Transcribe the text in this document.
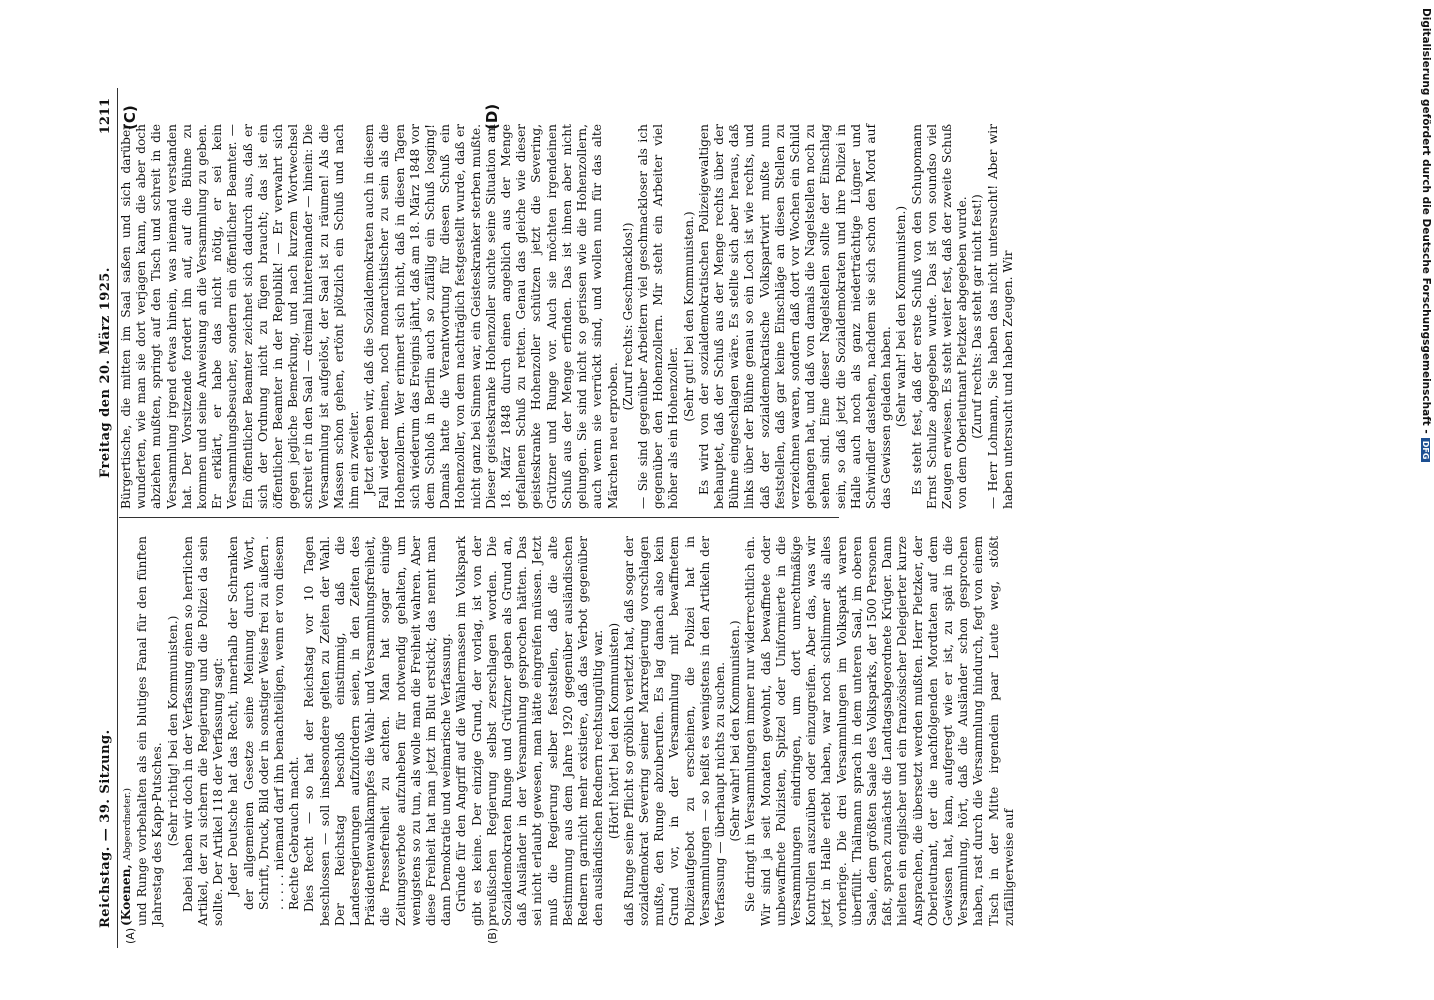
Reichstag. — 39. Sitzung.
Freitag den 20. März 1925.
1211
(A)	(B)
(C)	(D)

(Koenen, Abgeordneter.) und Runge vorbehalten als ein blutiges Fanal für den fünften Jahrestag des Kapp-Putsches. (Sehr richtig! bei den Kommunisten.) Dabei haben wir doch in der Verfassung einen so herrlichen Artikel, der zu sichern die Regierung und die Polizei da sein sollte. Der Artikel 118 der Verfassung sagt: Jeder Deutsche hat das Recht, innerhalb der Schranken der allgemeinen Gesetze seine Meinung durch Wort, Schrift, Druck, Bild oder in sonstiger Weise frei zu äußern . . . . . . niemand darf ihn benachteiligen, wenn er von diesem Rechte Gebrauch macht. Dies Recht — so hat der Reichstag vor 10 Tagen beschlossen — soll insbesondere gelten zu Zeiten der Wahl. Der Reichstag beschloß einstimmig, daß die Landesregierungen aufzufordern seien, in den Zeiten des Präsidentenwahlkampfes die Wahl- und Versammlungsfreiheit, die Pressefreiheit zu achten. Man hat sogar einige Zeitungsverbote aufzuheben für notwendig gehalten, um wenigstens so zu tun, als wolle man die Freiheit wahren. Aber diese Freiheit hat man jetzt im Blut erstickt; das nennt man dann Demokratie und weimarische Verfassung. Gründe für den Angriff auf die Wählermassen im Volkspark gibt es keine. Der einzige Grund, der vorlag, ist von der preußischen Regierung selbst zerschlagen worden. Die Sozialdemokraten Runge und Grützner gaben als Grund an, daß Ausländer in der Versammlung gesprochen hätten. Das sei nicht erlaubt gewesen, man hätte eingreifen müssen. Jetzt muß die Regierung selber feststellen, daß die alte Bestimmung aus dem Jahre 1920 gegenüber ausländischen Rednern garnicht mehr existiere, daß das Verbot gegenüber den ausländischen Rednern rechtsungültig war. (Hört! hört! bei den Kommunisten) daß Runge seine Pflicht so gröblich verletzt hat, daß sogar der sozialdemokrat Severing seiner Marxregierung vorschlagen mußte, den Runge abzuberufen. Es lag danach also kein Grund vor, in der Versammlung mit bewaffnetem Polizeiaufgebot zu erscheinen, die Polizei hat in Versammlungen — so heißt es wenigstens in den Artikeln der Verfassung — überhaupt nichts zu suchen. (Sehr wahr! bei den Kommunisten.) Sie dringt in Versammlungen immer nur widerrechtlich ein. Wir sind ja seit Monaten gewohnt, daß bewaffnete oder unbewaffnete Polizisten, Spitzel oder Uniformierte in die Versammlungen eindringen, um dort unrechtmäßige Kontrollen auszuüben oder einzugreifen. Aber das, was wir jetzt in Halle erlebt haben, war noch schlimmer als alles vorherige. Die drei Versammlungen im Volkspark waren überfüllt. Thälmann sprach in dem unteren Saal, im oberen Saale, dem größten Saale des Volksparks, der 1500 Personen faßt, sprach zunächst die Landtagsabgeordnete Krüger. Dann hielten ein englischer und ein französischer Delegierter kurze Ansprachen, die übersetzt werden mußten. Herr Pietzker, der Oberleutnant, der die nachfolgenden Mordtaten auf dem Gewissen hat, kam, aufgeregt wie er ist, zu spät in die Versammlung, hört, daß die Ausländer schon gesprochen haben, rast durch die Versammlung hindurch, fegt von einem Tisch in der Mitte irgendein paar Leute weg, stößt zufälligerweise auf

Bürgertische, die mitten im Saal saßen und sich darüber wunderten, wie man sie dort verjagen kann, die aber doch abziehen mußten, springt auf den Tisch und schreit in die Versammlung irgend etwas hinein, was niemand verstanden hat. Der Vorsitzende fordert ihn auf, auf die Bühne zu kommen und seine Anweisung an die Versammlung zu geben. Er erklärt, er habe das nicht nötig, er sei kein Versammlungsbesucher, sondern ein öffentlicher Beamter. — Ein öffentlicher Beamter zeichnet sich dadurch aus, daß er sich der Ordnung nicht zu fügen braucht; das ist ein öffentlicher Beamter in der Republik! — Er verwahrt sich gegen jegliche Bemerkung, und nach kurzem Wortwechsel schreit er in den Saal — dreimal hintereinander — hinein: Die Versammlung ist aufgelöst, der Saal ist zu räumen! Als die Massen schon gehen, ertönt plötzlich ein Schuß und nach ihm ein zweiter. Jetzt erleben wir, daß die Sozialdemokraten auch in diesem Fall wieder meinen, noch monarchistischer zu sein als die Hohenzollern. Wer erinnert sich nicht, daß in diesen Tagen sich wiederum das Ereignis jährt, daß am 18. März 1848 vor dem Schloß in Berlin auch so zufällig ein Schuß losging! Damals hatte die Verantwortung für diesen Schuß ein Hohenzoller, von dem nachträglich festgestellt wurde, daß er nicht ganz bei Sinnen war, ein Geisteskranker sterben mußte. Dieser geisteskranke Hohenzoller suchte seine Situation am 18. März 1848 durch einen angeblich aus der Menge gefallenen Schuß zu retten. Genau das gleiche wie dieser geisteskranke Hohenzoller schützen jetzt die Severing, Grützner und Runge vor. Auch sie möchten irgendeinen Schuß aus der Menge erfinden. Das ist ihnen aber nicht gelungen. Sie sind nicht so gerissen wie die Hohenzollern, auch wenn sie verrückt sind, und wollen nun für das alte Märchen neu erproben.

(Zuruf rechts: Geschmacklos!) — Sie sind gegenüber Arbeitern viel geschmackloser als ich gegenüber den Hohenzollern. Mir steht ein Arbeiter viel höher als ein Hohenzoller.

(Sehr gut! bei den Kommunisten.) Es wird von der sozialdemokratischen Polizeigewaltigen behauptet, daß der Schuß aus der Menge rechts über der Bühne eingeschlagen wäre. Es stellte sich aber heraus, daß links über der Bühne genau so ein Loch ist wie rechts, und daß der sozialdemokratische Volkspartwirt mußte nun feststellen, daß gar keine Einschläge an diesen Stellen zu verzeichnen waren, sondern daß dort vor Wochen ein Schild gehangen hat, und daß von damals die Nagelstellen noch zu sehen sind. Eine dieser Nagelstellen sollte der Einschlag sein, so daß jetzt die Sozialdemokraten und ihre Polizei in Halle auch noch als ganz niederträchtige Lügner und Schwindler dastehen, nachdem sie sich schon den Mord auf das Gewissen geladen haben. (Sehr wahr! bei den Kommunisten.) Es steht fest, daß der erste Schuß von den Schupomann Ernst Schulze abgegeben wurde. Das ist von soundso viel Zeugen erwiesen. Es steht weiter fest, daß der zweite Schuß von dem Oberleutnant Pietzker abgegeben wurde. (Zuruf rechts: Das steht gar nicht fest!) — Herr Lohmann, Sie haben das nicht untersucht! Aber wir haben untersucht und haben Zeugen. Wir	Digitalisierung gefördert durch die Deutsche Forschungsgemeinschaft -DFG
